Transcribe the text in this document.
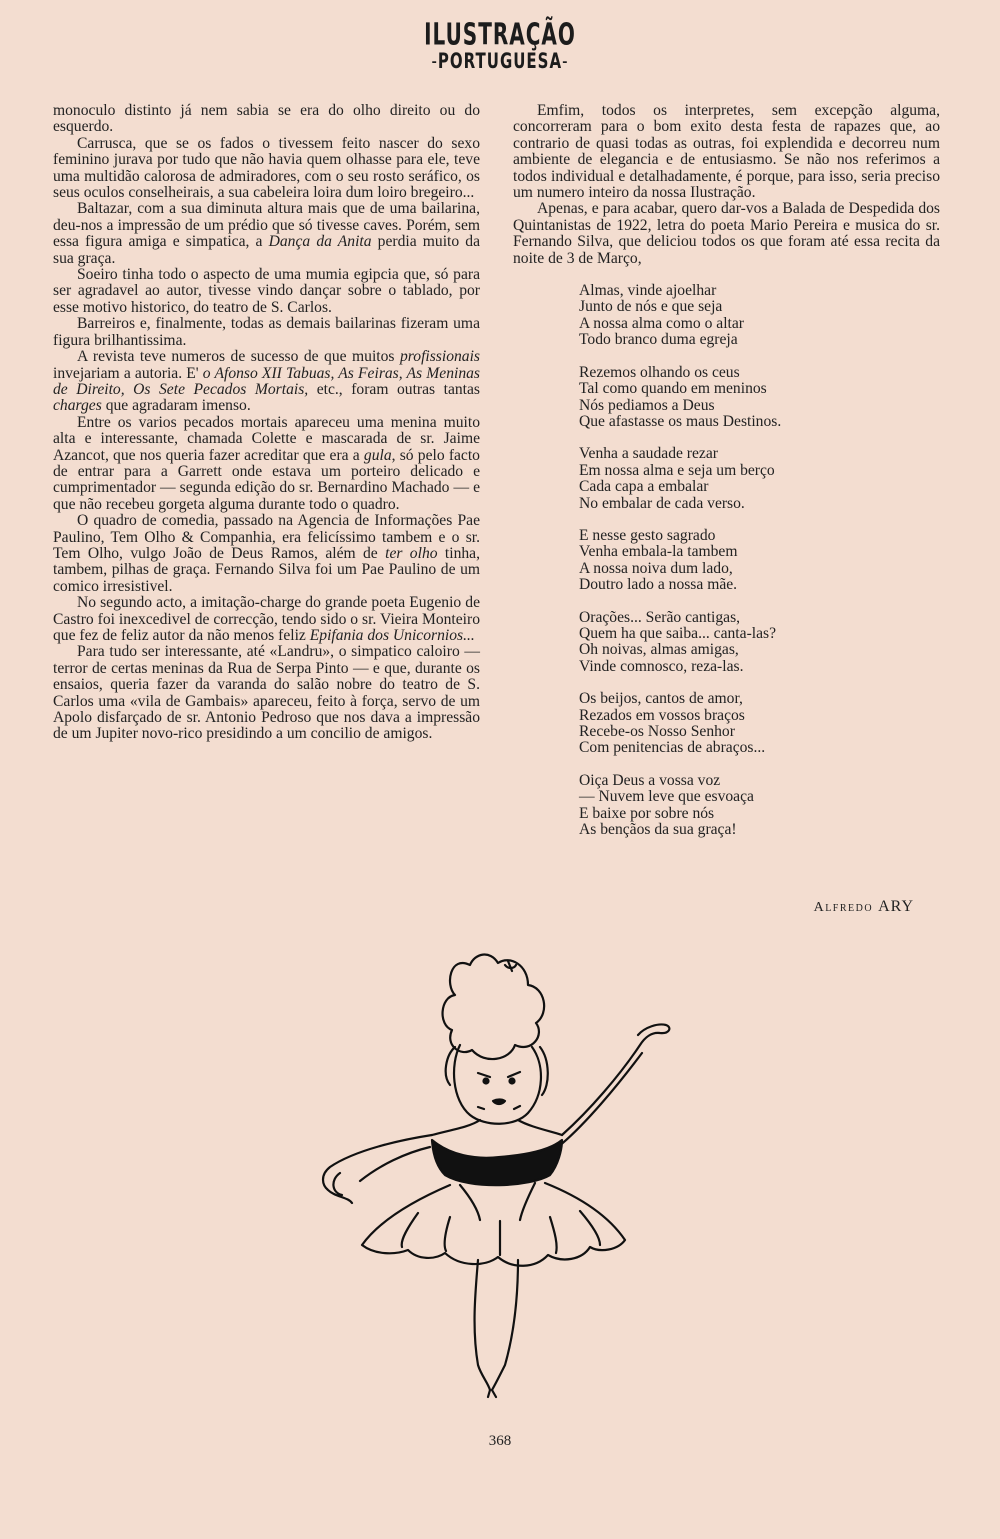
ILUSTRAÇÃO
-PORTUGUESA-

monoculo distinto já nem sabia se era do olho direito ou do esquerdo.

Carrusca, que se os fados o tivessem feito nascer do sexo feminino jurava por tudo que não havia quem olhasse para ele, teve uma multidão calorosa de admiradores, com o seu rosto seráfico, os seus oculos conselheirais, a sua cabeleira loira dum loiro bregeiro...

Baltazar, com a sua diminuta altura mais que de uma bailarina, deu-nos a impressão de um prédio que só tivesse caves. Porém, sem essa figura amiga e simpatica, a Dança da Anita perdia muito da sua graça.

Soeiro tinha todo o aspecto de uma mumia egipcia que, só para ser agradavel ao autor, tivesse vindo dançar sobre o tablado, por esse motivo historico, do teatro de S. Carlos.

Barreiros e, finalmente, todas as demais bailarinas fizeram uma figura brilhantissima.

A revista teve numeros de sucesso de que muitos profissionais invejariam a autoria. E' o Afonso XII Tabuas, As Feiras, As Meninas de Direito, Os Sete Pecados Mortais, etc., foram outras tantas charges que agradaram imenso.

Entre os varios pecados mortais apareceu uma menina muito alta e interessante, chamada Colette e mascarada de sr. Jaime Azancot, que nos queria fazer acreditar que era a gula, só pelo facto de entrar para a Garrett onde estava um porteiro delicado e cumprimentador — segunda edição do sr. Bernardino Machado — e que não recebeu gorgeta alguma durante todo o quadro.

O quadro de comedia, passado na Agencia de Informações Pae Paulino, Tem Olho & Companhia, era felicíssimo tambem e o sr. Tem Olho, vulgo João de Deus Ramos, além de ter olho tinha, tambem, pilhas de graça. Fernando Silva foi um Pae Paulino de um comico irresistivel.

No segundo acto, a imitação-charge do grande poeta Eugenio de Castro foi inexcedivel de correcção, tendo sido o sr. Vieira Monteiro que fez de feliz autor da não menos feliz Epifania dos Unicornios...

Para tudo ser interessante, até «Landru», o simpatico caloiro — terror de certas meninas da Rua de Serpa Pinto — e que, durante os ensaios, queria fazer da varanda do salão nobre do teatro de S. Carlos uma «vila de Gambais» apareceu, feito à força, servo de um Apolo disfarçado de sr. Antonio Pedroso que nos dava a impressão de um Jupiter novo-rico presidindo a um concilio de amigos.

Emfim, todos os interpretes, sem excepção alguma, concorreram para o bom exito desta festa de rapazes que, ao contrario de quasi todas as outras, foi explendida e decorreu num ambiente de elegancia e de entusiasmo. Se não nos referimos a todos individual e detalhadamente, é porque, para isso, seria preciso um numero inteiro da nossa Ilustração.

Apenas, e para acabar, quero dar-vos a Balada de Despedida dos Quintanistas de 1922, letra do poeta Mario Pereira e musica do sr. Fernando Silva, que deliciou todos os que foram até essa recita da noite de 3 de Março,

Almas, vinde ajoelhar
Junto de nós e que seja
A nossa alma como o altar
Todo branco duma egreja
Rezemos olhando os ceus
Tal como quando em meninos
Nós pediamos a Deus
Que afastasse os maus Destinos.
Venha a saudade rezar
Em nossa alma e seja um berço
Cada capa a embalar
No embalar de cada verso.
E nesse gesto sagrado
Venha embala-la tambem
A nossa noiva dum lado,
Doutro lado a nossa mãe.
Orações... Serão cantigas,
Quem ha que saiba... canta-las?
Oh noivas, almas amigas,
Vinde comnosco, reza-las.
Os beijos, cantos de amor,
Rezados em vossos braços
Recebe-os Nosso Senhor
Com penitencias de abraços...
Oiça Deus a vossa voz
— Nuvem leve que esvoaça
E baixe por sobre nós
As bençãos da sua graça!
Alfredo ARY
368
